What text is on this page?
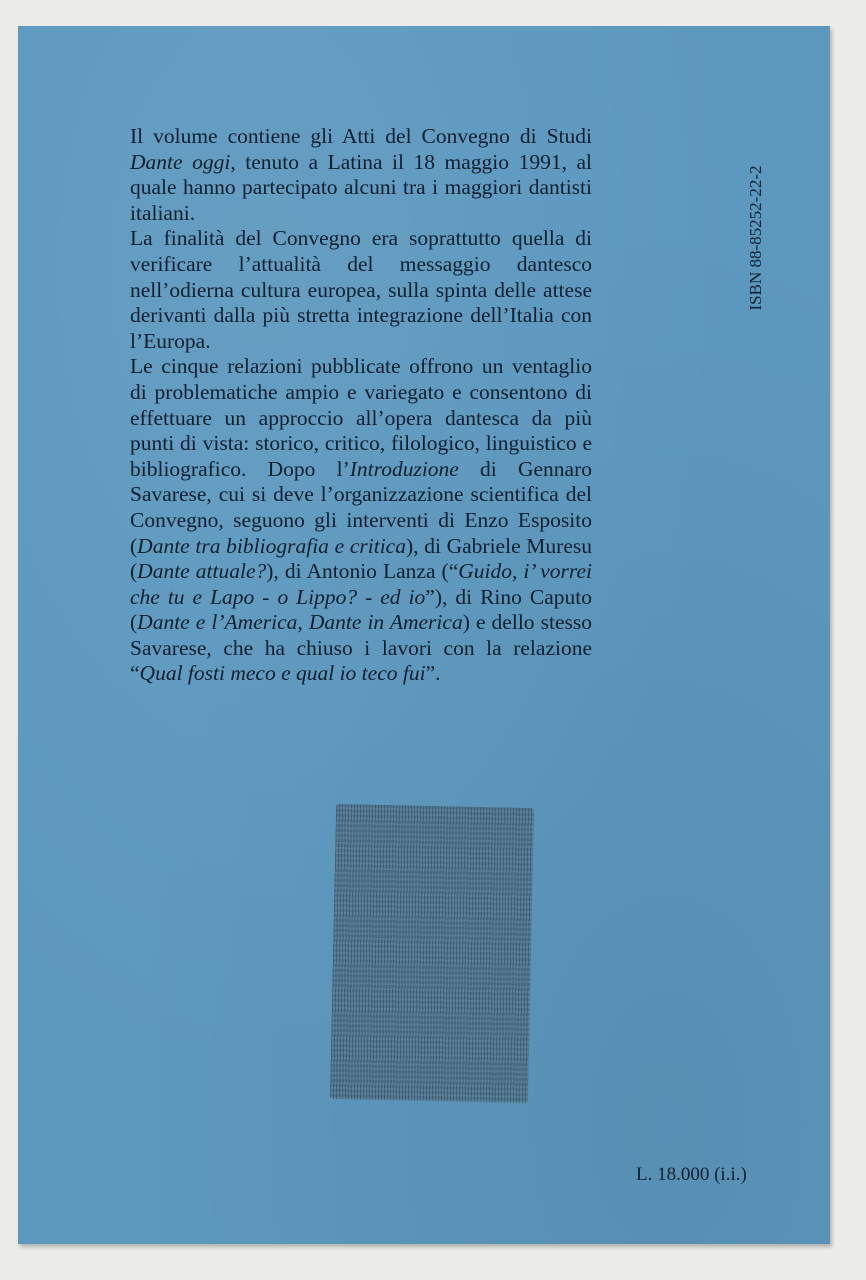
Il volume contiene gli Atti del Convegno di Studi Dante oggi, tenuto a Latina il 18 maggio 1991, al quale hanno partecipato alcuni tra i maggiori dantisti italiani.

La finalità del Convegno era soprattutto quella di verificare l’attualità del messaggio dantesco nell’odierna cultura europea, sulla spinta delle attese derivanti dalla più stretta integrazione dell’Italia con l’Europa.

Le cinque relazioni pubblicate offrono un ventaglio di problematiche ampio e variegato e consentono di effettuare un approccio all’opera dantesca da più punti di vista: storico, critico, filologico, linguistico e bibliografico. Dopo l’Introduzione di Gennaro Savarese, cui si deve l’organizzazione scientifica del Convegno, seguono gli interventi di Enzo Esposito (Dante tra bibliografia e critica), di Gabriele Muresu (Dante attuale?), di Antonio Lanza (“Guido, i’ vorrei che tu e Lapo - o Lippo? - ed io”), di Rino Caputo (Dante e l’America, Dante in America) e dello stesso Savarese, che ha chiuso i lavori con la relazione “Qual fosti meco e qual io teco fui”.

ISBN 88-85252-22-2
L. 18.000 (i.i.)
